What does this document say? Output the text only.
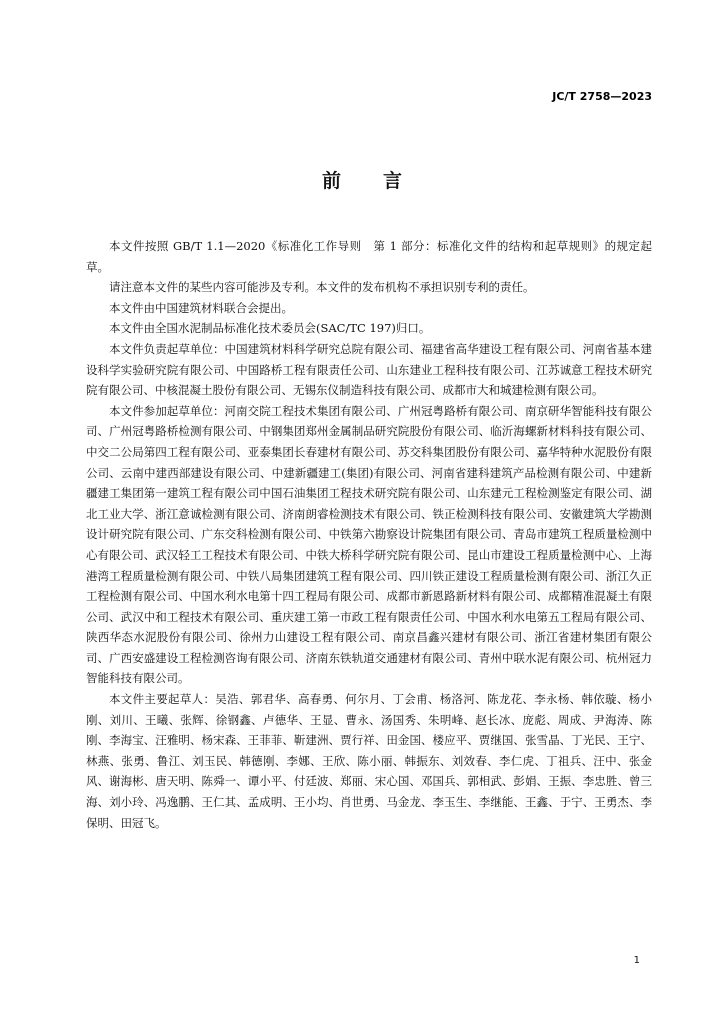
JC/T 2758—2023
前言

本文件按照 GB/T 1.1—2020《标准化工作导则　第 1 部分：标准化文件的结构和起草规则》的规定起草。

请注意本文件的某些内容可能涉及专利。本文件的发布机构不承担识别专利的责任。

本文件由中国建筑材料联合会提出。

本文件由全国水泥制品标准化技术委员会(SAC/TC 197)归口。

本文件负责起草单位：中国建筑材料科学研究总院有限公司、福建省高华建设工程有限公司、河南省基本建设科学实验研究院有限公司、中国路桥工程有限责任公司、山东建业工程科技有限公司、江苏诚意工程技术研究院有限公司、中核混凝土股份有限公司、无锡东仪制造科技有限公司、成都市大和城建检测有限公司。

本文件参加起草单位：河南交院工程技术集团有限公司、广州冠粤路桥有限公司、南京研华智能科技有限公司、广州冠粤路桥检测有限公司、中钢集团郑州金属制品研究院股份有限公司、临沂海螺新材料科技有限公司、中交二公局第四工程有限公司、亚泰集团长春建材有限公司、苏交科集团股份有限公司、嘉华特种水泥股份有限公司、云南中建西部建设有限公司、中建新疆建工(集团)有限公司、河南省建科建筑产品检测有限公司、中建新疆建工集团第一建筑工程有限公司中国石油集团工程技术研究院有限公司、山东建元工程检测鉴定有限公司、湖北工业大学、浙江意诚检测有限公司、济南朗睿检测技术有限公司、铁正检测科技有限公司、安徽建筑大学勘测设计研究院有限公司、广东交科检测有限公司、中铁第六勘察设计院集团有限公司、青岛市建筑工程质量检测中心有限公司、武汉轻工工程技术有限公司、中铁大桥科学研究院有限公司、昆山市建设工程质量检测中心、上海港湾工程质量检测有限公司、中铁八局集团建筑工程有限公司、四川铁正建设工程质量检测有限公司、浙江久正工程检测有限公司、中国水利水电第十四工程局有限公司、成都市新恩路新材料有限公司、成都精准混凝土有限公司、武汉中和工程技术有限公司、重庆建工第一市政工程有限责任公司、中国水利水电第五工程局有限公司、陕西华态水泥股份有限公司、徐州力山建设工程有限公司、南京昌鑫兴建材有限公司、浙江省建材集团有限公司、广西安盛建设工程检测咨询有限公司、济南东铁轨道交通建材有限公司、青州中联水泥有限公司、杭州冠力智能科技有限公司。

本文件主要起草人：吴浩、郭君华、高春勇、何尔月、丁会甫、杨洛河、陈龙花、李永杨、韩依璇、杨小刚、刘川、王曦、张辉、徐钢鑫、卢德华、王显、曹永、汤国秀、朱明峰、赵长冰、庞彪、周成、尹海涛、陈刚、李海宝、汪雅明、杨宋森、王菲菲、靳建洲、贾行祥、田金国、楼应平、贾继国、张雪晶、丁光民、王宁、林燕、张勇、鲁江、刘玉民、韩德刚、李娜、王欣、陈小丽、韩振东、刘效春、李仁虎、丁祖兵、汪中、张金风、谢海彬、唐天明、陈舜一、谭小平、付廷波、郑丽、宋心国、邓国兵、郭相武、彭娟、王振、李忠胜、曾三海、刘小玲、冯逸鹏、王仁其、孟成明、王小均、肖世勇、马金龙、李玉生、李继能、王鑫、于宁、王勇杰、李保明、田冠飞。

1
